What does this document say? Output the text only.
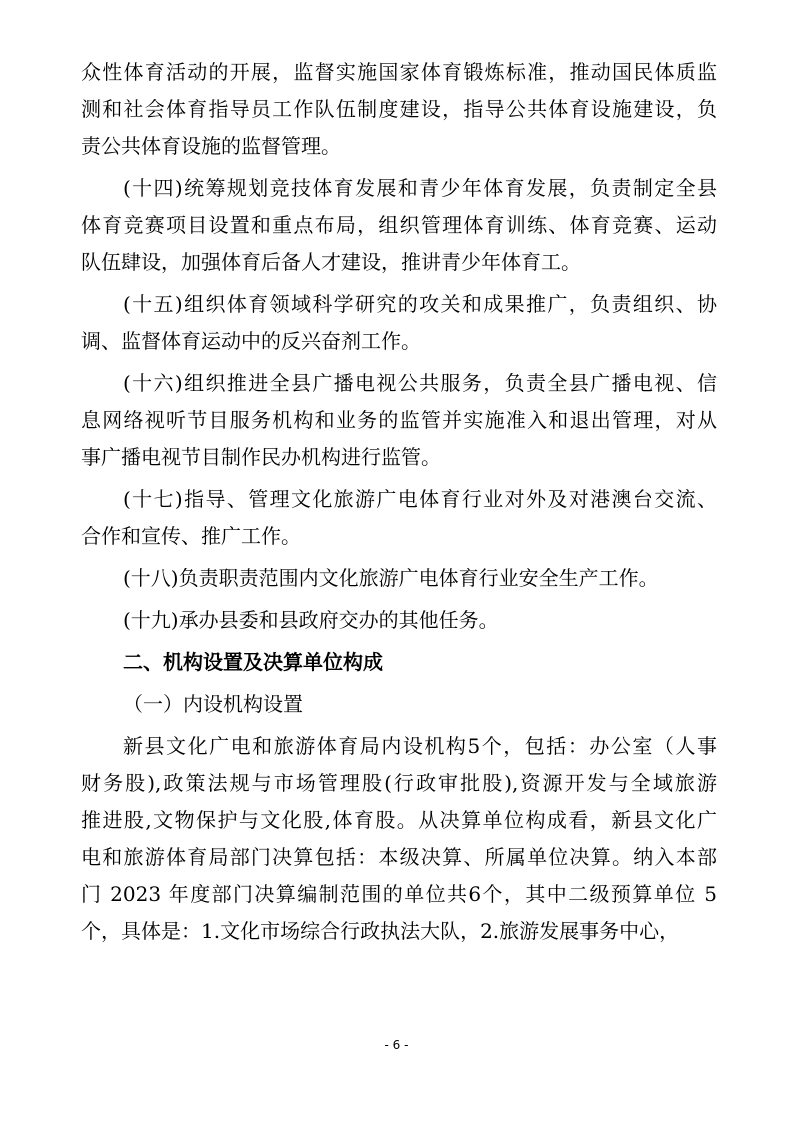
众性体育活动的开展，监督实施国家体育锻炼标准，推动国民体质监
测和社会体育指导员工作队伍制度建设，指导公共体育设施建设，负
责公共体育设施的监督管理。
(十四)统筹规划竞技体育发展和青少年体育发展，负责制定全县
体育竞赛项目设置和重点布局，组织管理体育训练、体育竞赛、运动
队伍肆设，加强体育后备人才建设，推讲青少年体育工。
(十五)组织体育领域科学研究的攻关和成果推广，负责组织、协
调、监督体育运动中的反兴奋剂工作。
(十六)组织推进全县广播电视公共服务，负责全县广播电视、信
息网络视听节目服务机构和业务的监管并实施准入和退出管理，对从
事广播电视节目制作民办机构进行监管。
(十七)指导、管理文化旅游广电体育行业对外及对港澳台交流、
合作和宣传、推广工作。
(十八)负责职责范围内文化旅游广电体育行业安全生产工作。
(十九)承办县委和县政府交办的其他任务。
二、机构设置及决算单位构成
（一）内设机构设置
新县文化广电和旅游体育局内设机构5个，包括：办公室（人事
财务股),政策法规与市场管理股(行政审批股),资源开发与全域旅游
推进股,文物保护与文化股,体育股。从决算单位构成看，新县文化广
电和旅游体育局部门决算包括：本级决算、所属单位决算。纳入本部
门 2023 年度部门决算编制范围的单位共6个，其中二级预算单位 5
个，具体是：1.文化市场综合行政执法大队，2.旅游发展事务中心，
- 6 -
